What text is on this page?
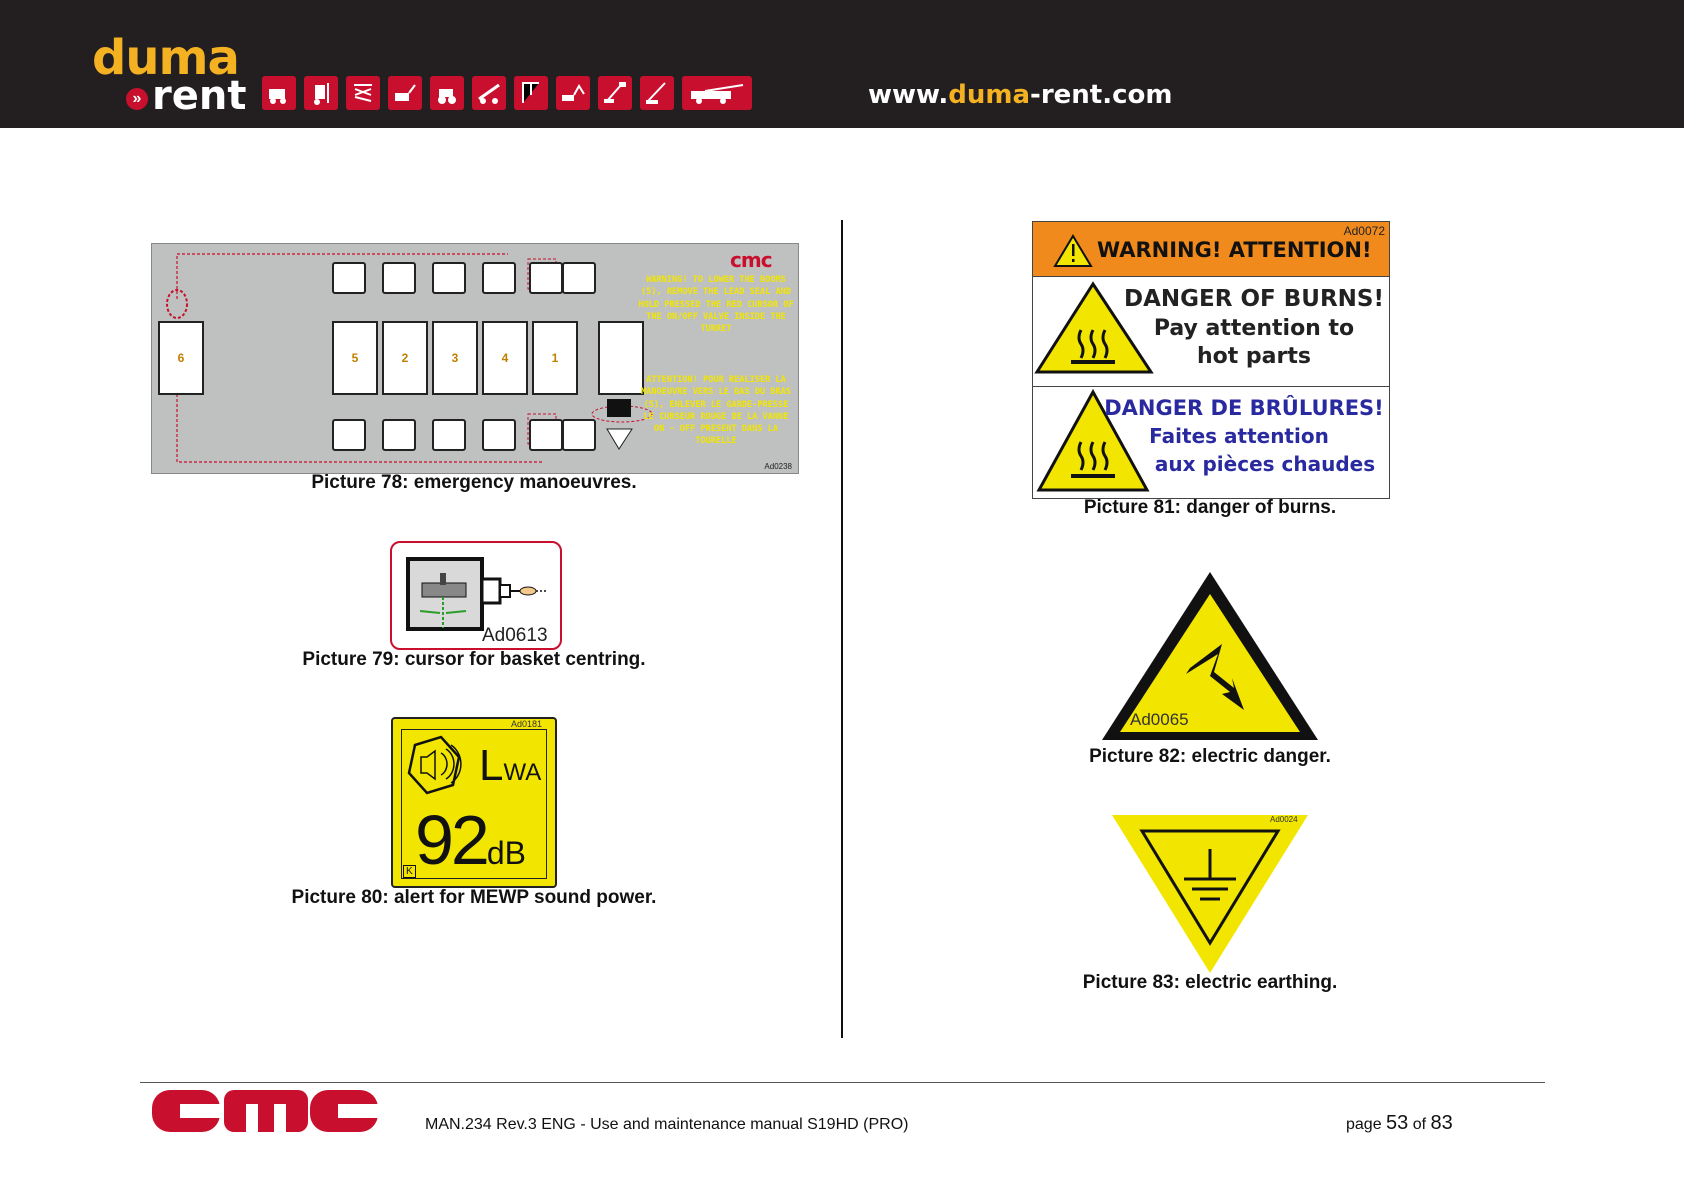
duma
» rent	www.duma-rent.com
6	5	2	3	4	1
cmc
WARNING! TO LOWER THE BOOMS (5), REMOVE THE LEAD SEAL AND HOLD PRESSED THE RED CURSOR OF THE ON/OFF VALVE INSIDE THE TURRET
ATTENTION! POUR REALISER LA MANOEUVRE VERS LE BAS DU BRAS (5), ENLEVER LE GARDE-PRESSE LE CURSEUR ROUGE DE LA VANNE ON - OFF PRESENT DANS LA TOURELLE
Ad0238
Picture 78: emergency manoeuvres.
Ad0613
Picture 79: cursor for basket centring.
LWA
92dB
K
Ad0181
Picture 80: alert for MEWP sound power.
WARNING! ATTENTION!
Ad0072
DANGER OF BURNS!
Pay attention to
hot parts
DANGER DE BRÛLURES!
Faites attention
aux pièces chaudes
Picture 81: danger of burns.
Ad0065
Picture 82: electric danger.
Ad0024
Picture 83: electric earthing.
MAN.234 Rev.3 ENG - Use and maintenance manual S19HD (PRO)	page 53 of 83
